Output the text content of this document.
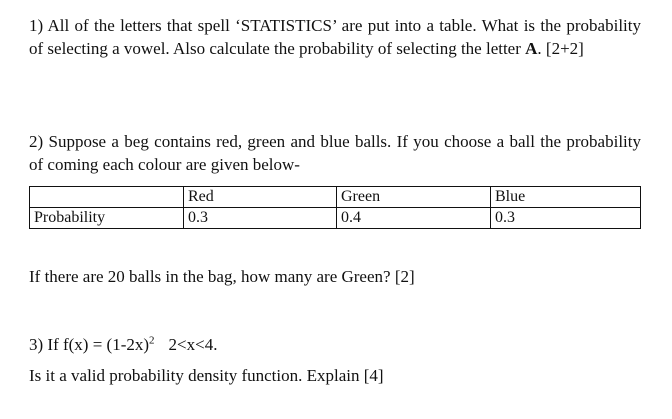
1) All of the letters that spell ‘STATISTICS’ are put into a table. What is the probability of selecting a vowel. Also calculate the probability of selecting the letter A. [2+2]

2) Suppose a beg contains red, green and blue balls. If you choose a ball the probability of coming each colour are given below-

	Red	Green	Blue
Probability	0.3	0.4	0.3

If there are 20 balls in the bag, how many are Green? [2]

3) If $f(x) = (1-2x)^2$ 2<x<4.

Is it a valid probability density function. Explain [4]
